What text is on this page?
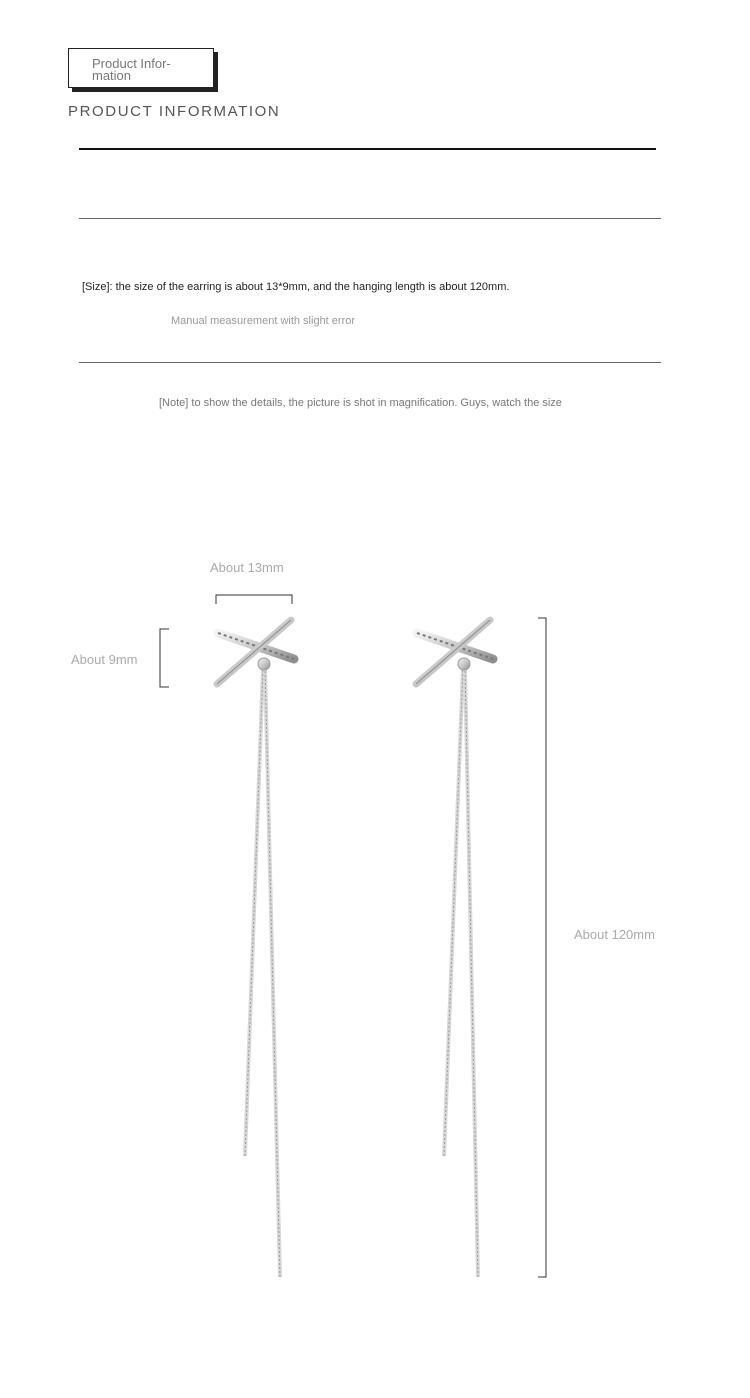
Product Infor- mation
PRODUCT INFORMATION
[Size]: the size of the earring is about 13*9mm, and the hanging length is about 120mm.
Manual measurement with slight error
[Note] to show the details, the picture is shot in magnification. Guys, watch the size
About 13mm
About 9mm
About 120mm
